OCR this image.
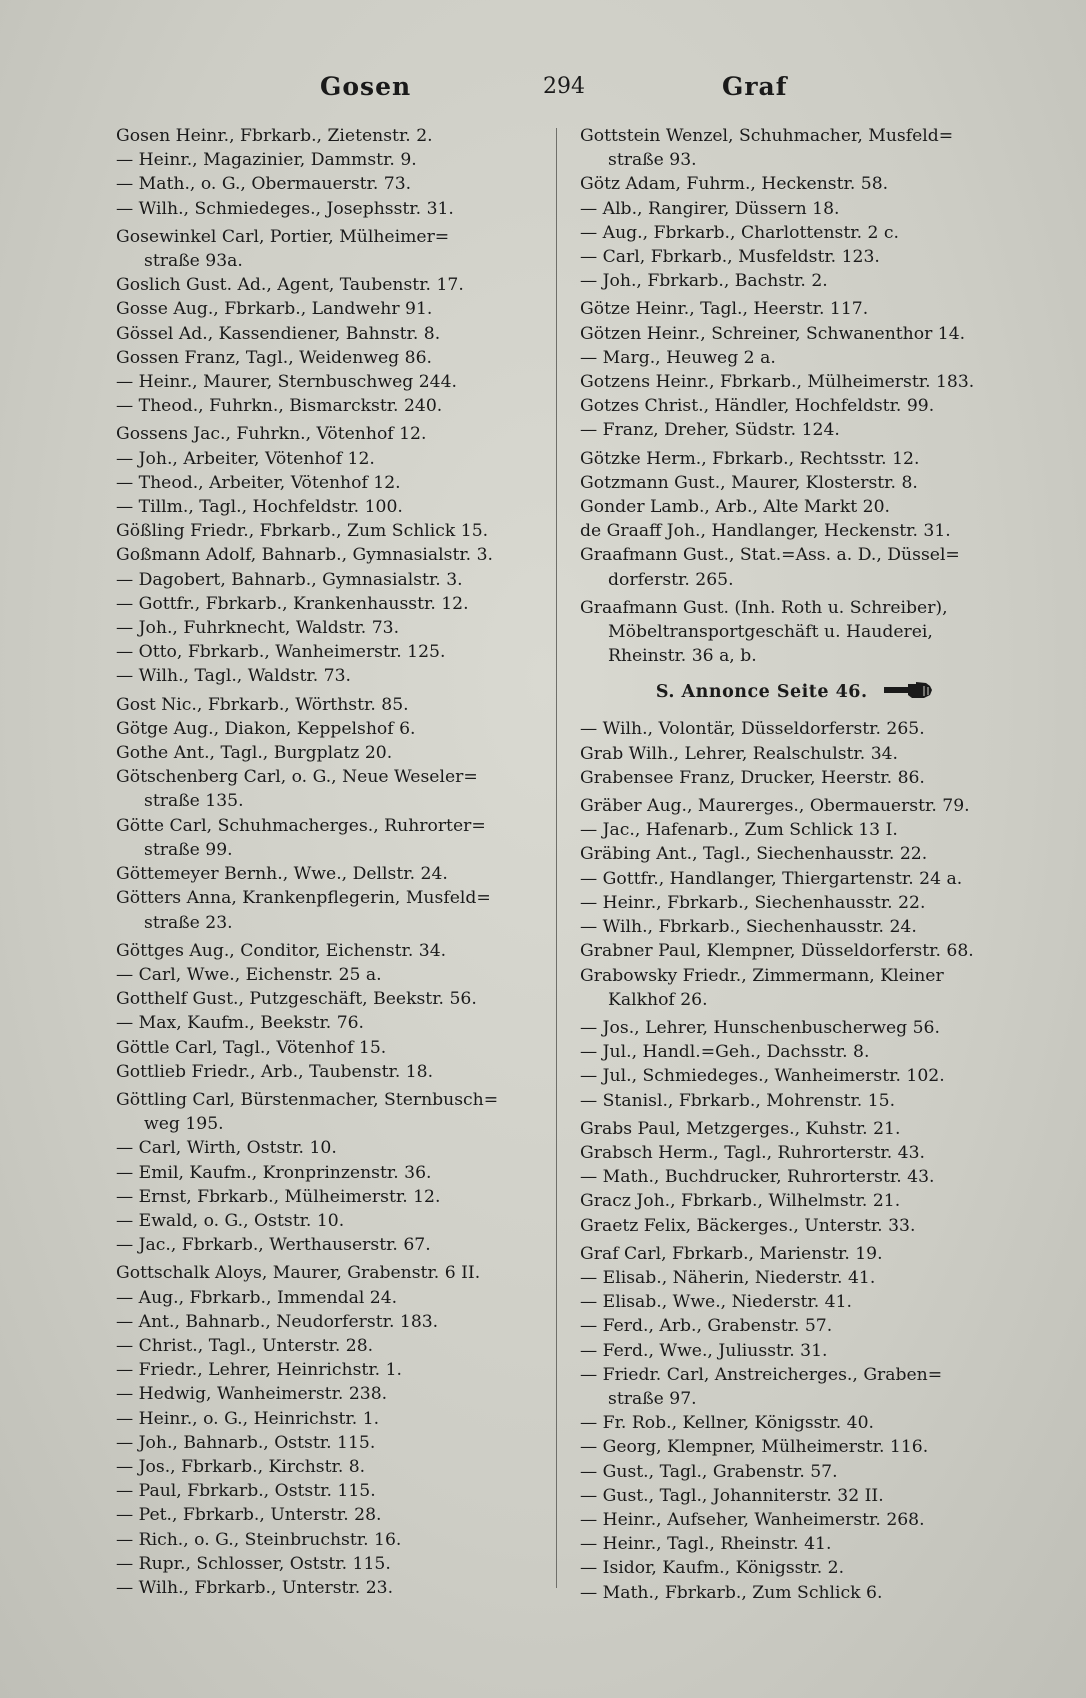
Gosen	294	Graf
Gosen Heinr., Fbrkarb., Zietenstr. 2.
— Heinr., Magazinier, Dammstr. 9.
— Math., o. G., Obermauerstr. 73.
— Wilh., Schmiedeges., Josephsstr. 31.
Gosewinkel Carl, Portier, Mülheimer=
straße 93a.
Goslich Gust. Ad., Agent, Taubenstr. 17.
Gosse Aug., Fbrkarb., Landwehr 91.
Gössel Ad., Kassendiener, Bahnstr. 8.
Gossen Franz, Tagl., Weidenweg 86.
— Heinr., Maurer, Sternbuschweg 244.
— Theod., Fuhrkn., Bismarckstr. 240.
Gossens Jac., Fuhrkn., Vötenhof 12.
— Joh., Arbeiter, Vötenhof 12.
— Theod., Arbeiter, Vötenhof 12.
— Tillm., Tagl., Hochfeldstr. 100.
Gößling Friedr., Fbrkarb., Zum Schlick 15.
Goßmann Adolf, Bahnarb., Gymnasialstr. 3.
— Dagobert, Bahnarb., Gymnasialstr. 3.
— Gottfr., Fbrkarb., Krankenhausstr. 12.
— Joh., Fuhrknecht, Waldstr. 73.
— Otto, Fbrkarb., Wanheimerstr. 125.
— Wilh., Tagl., Waldstr. 73.
Gost Nic., Fbrkarb., Wörthstr. 85.
Götge Aug., Diakon, Keppelshof 6.
Gothe Ant., Tagl., Burgplatz 20.
Götschenberg Carl, o. G., Neue Weseler=
straße 135.
Götte Carl, Schuhmacherges., Ruhrorter=
straße 99.
Göttemeyer Bernh., Wwe., Dellstr. 24.
Götters Anna, Krankenpflegerin, Musfeld=
straße 23.
Göttges Aug., Conditor, Eichenstr. 34.
— Carl, Wwe., Eichenstr. 25 a.
Gotthelf Gust., Putzgeschäft, Beekstr. 56.
— Max, Kaufm., Beekstr. 76.
Göttle Carl, Tagl., Vötenhof 15.
Gottlieb Friedr., Arb., Taubenstr. 18.
Göttling Carl, Bürstenmacher, Sternbusch=
weg 195.
— Carl, Wirth, Oststr. 10.
— Emil, Kaufm., Kronprinzenstr. 36.
— Ernst, Fbrkarb., Mülheimerstr. 12.
— Ewald, o. G., Oststr. 10.
— Jac., Fbrkarb., Werthauserstr. 67.
Gottschalk Aloys, Maurer, Grabenstr. 6 II.
— Aug., Fbrkarb., Immendal 24.
— Ant., Bahnarb., Neudorferstr. 183.
— Christ., Tagl., Unterstr. 28.
— Friedr., Lehrer, Heinrichstr. 1.
— Hedwig, Wanheimerstr. 238.
— Heinr., o. G., Heinrichstr. 1.
— Joh., Bahnarb., Oststr. 115.
— Jos., Fbrkarb., Kirchstr. 8.
— Paul, Fbrkarb., Oststr. 115.
— Pet., Fbrkarb., Unterstr. 28.
— Rich., o. G., Steinbruchstr. 16.
— Rupr., Schlosser, Oststr. 115.
— Wilh., Fbrkarb., Unterstr. 23.
Gottstein Wenzel, Schuhmacher, Musfeld=
straße 93.
Götz Adam, Fuhrm., Heckenstr. 58.
— Alb., Rangirer, Düssern 18.
— Aug., Fbrkarb., Charlottenstr. 2 c.
— Carl, Fbrkarb., Musfeldstr. 123.
— Joh., Fbrkarb., Bachstr. 2.
Götze Heinr., Tagl., Heerstr. 117.
Götzen Heinr., Schreiner, Schwanenthor 14.
— Marg., Heuweg 2 a.
Gotzens Heinr., Fbrkarb., Mülheimerstr. 183.
Gotzes Christ., Händler, Hochfeldstr. 99.
— Franz, Dreher, Südstr. 124.
Götzke Herm., Fbrkarb., Rechtsstr. 12.
Gotzmann Gust., Maurer, Klosterstr. 8.
Gonder Lamb., Arb., Alte Markt 20.
de Graaff Joh., Handlanger, Heckenstr. 31.
Graafmann Gust., Stat.=Ass. a. D., Düssel=
dorferstr. 265.
Graafmann Gust. (Inh. Roth u. Schreiber),
Möbeltransportgeschäft u. Hauderei,
Rheinstr. 36 a, b.
S. Annonce Seite 46.
— Wilh., Volontär, Düsseldorferstr. 265.
Grab Wilh., Lehrer, Realschulstr. 34.
Grabensee Franz, Drucker, Heerstr. 86.
Gräber Aug., Maurerges., Obermauerstr. 79.
— Jac., Hafenarb., Zum Schlick 13 I.
Gräbing Ant., Tagl., Siechenhausstr. 22.
— Gottfr., Handlanger, Thiergartenstr. 24 a.
— Heinr., Fbrkarb., Siechenhausstr. 22.
— Wilh., Fbrkarb., Siechenhausstr. 24.
Grabner Paul, Klempner, Düsseldorferstr. 68.
Grabowsky Friedr., Zimmermann, Kleiner
Kalkhof 26.
— Jos., Lehrer, Hunschenbuscherweg 56.
— Jul., Handl.=Geh., Dachsstr. 8.
— Jul., Schmiedeges., Wanheimerstr. 102.
— Stanisl., Fbrkarb., Mohrenstr. 15.
Grabs Paul, Metzgerges., Kuhstr. 21.
Grabsch Herm., Tagl., Ruhrorterstr. 43.
— Math., Buchdrucker, Ruhrorterstr. 43.
Gracz Joh., Fbrkarb., Wilhelmstr. 21.
Graetz Felix, Bäckerges., Unterstr. 33.
Graf Carl, Fbrkarb., Marienstr. 19.
— Elisab., Näherin, Niederstr. 41.
— Elisab., Wwe., Niederstr. 41.
— Ferd., Arb., Grabenstr. 57.
— Ferd., Wwe., Juliusstr. 31.
— Friedr. Carl, Anstreicherges., Graben=
straße 97.
— Fr. Rob., Kellner, Königsstr. 40.
— Georg, Klempner, Mülheimerstr. 116.
— Gust., Tagl., Grabenstr. 57.
— Gust., Tagl., Johanniterstr. 32 II.
— Heinr., Aufseher, Wanheimerstr. 268.
— Heinr., Tagl., Rheinstr. 41.
— Isidor, Kaufm., Königsstr. 2.
— Math., Fbrkarb., Zum Schlick 6.
